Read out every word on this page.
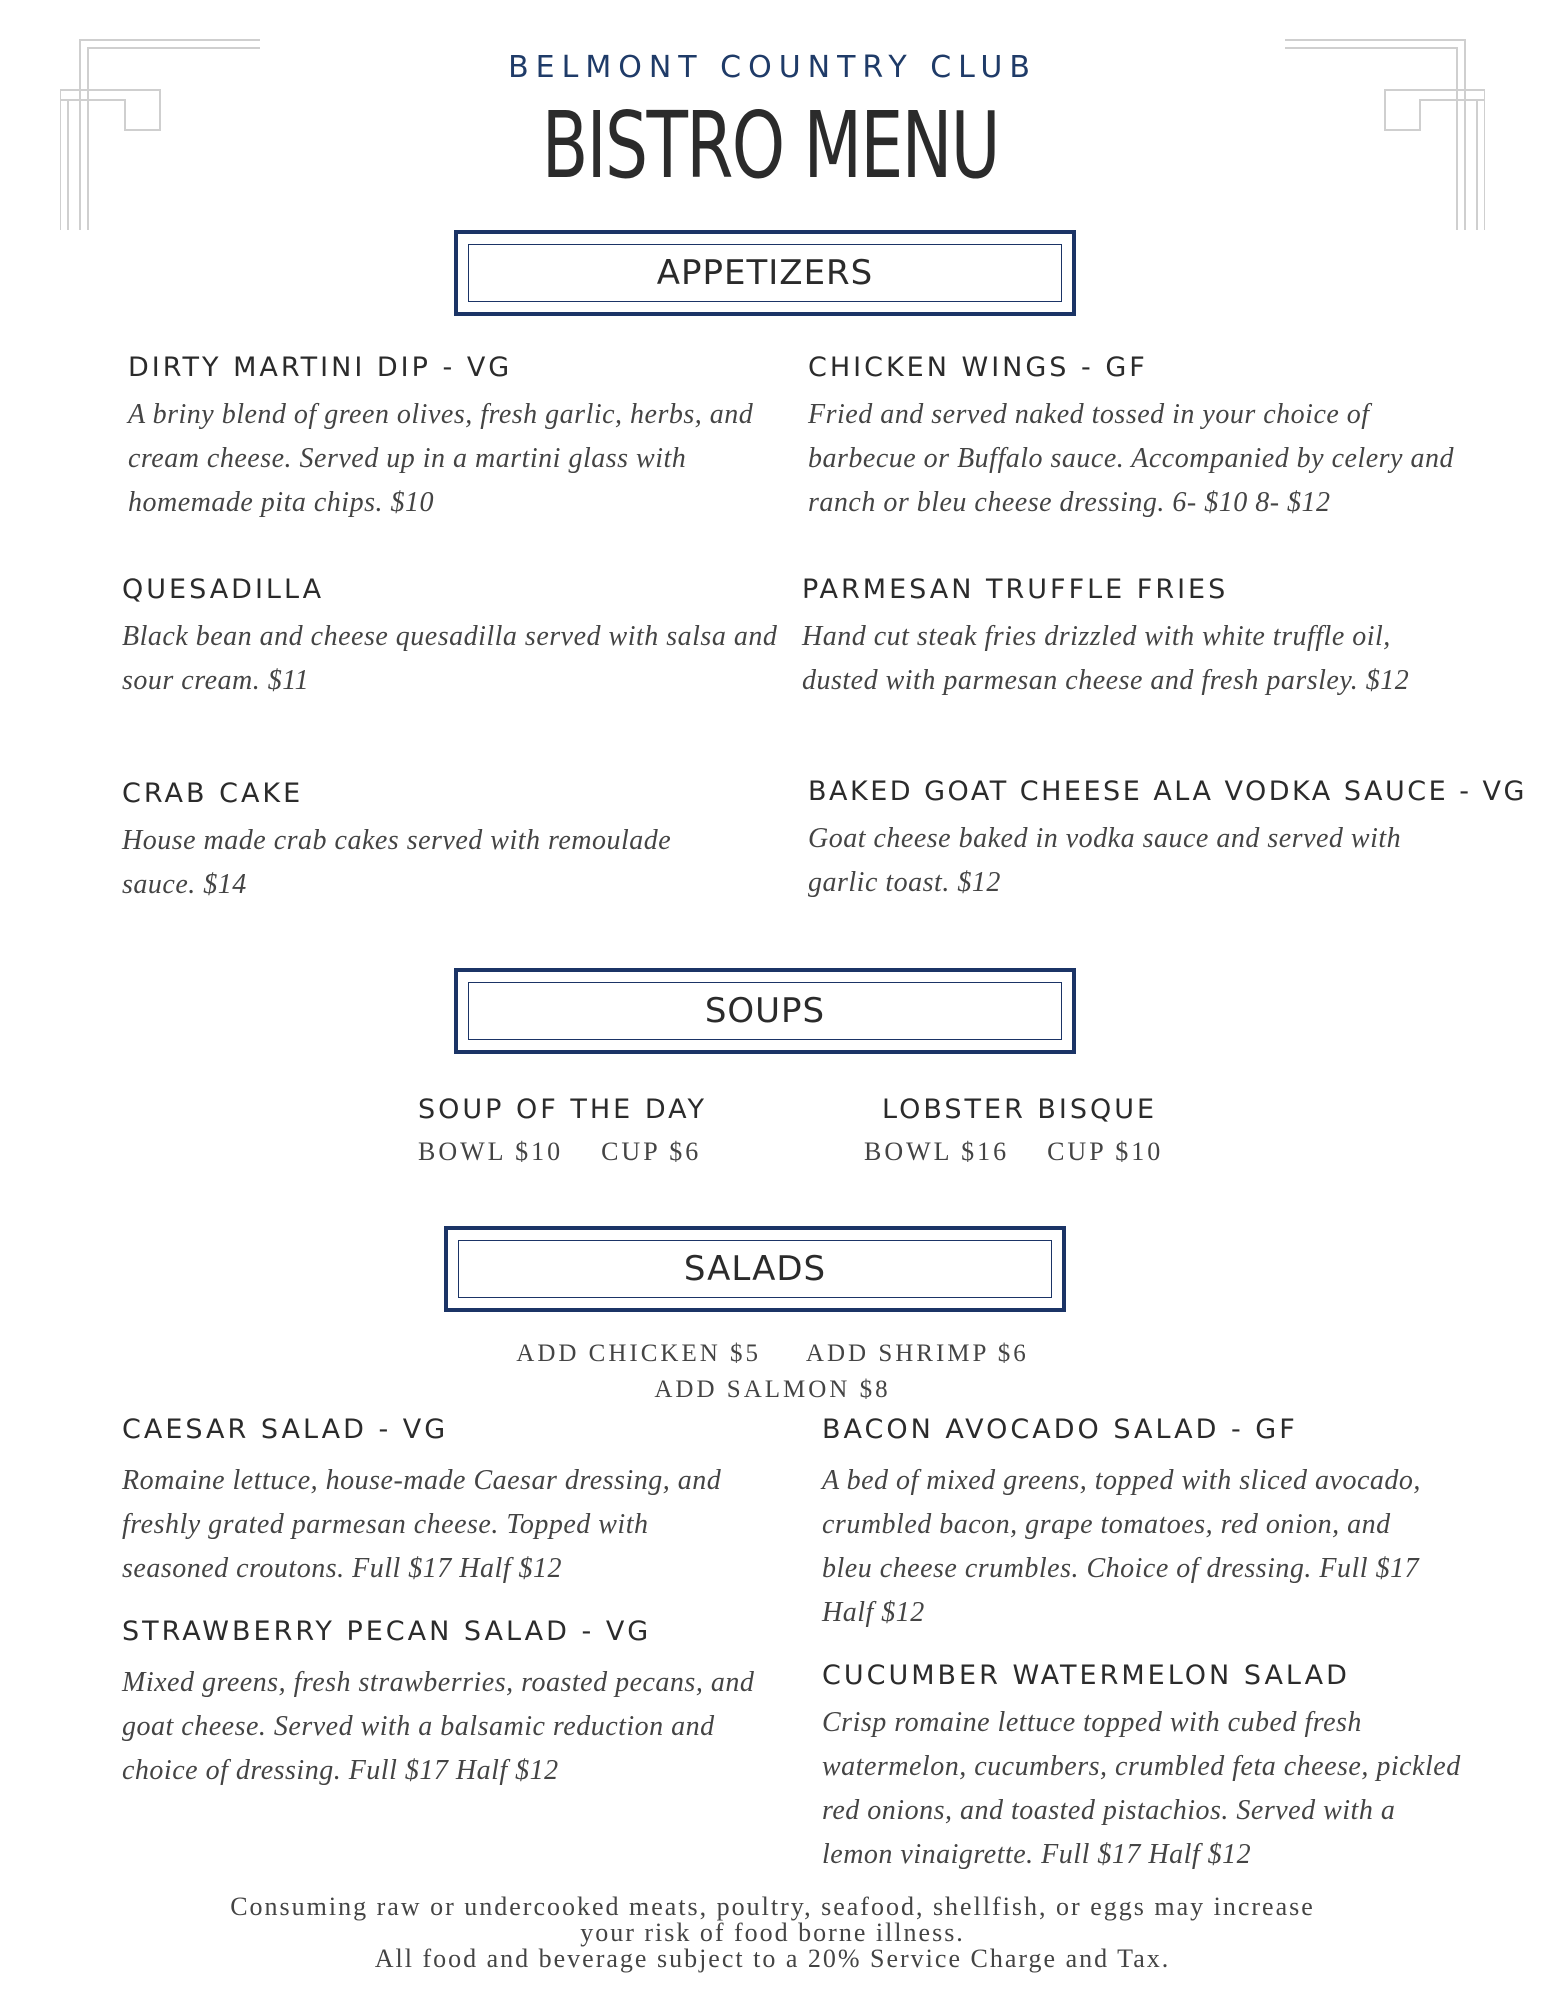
BELMONT COUNTRY CLUB
BISTRO MENU
APPETIZERS
DIRTY MARTINI DIP - VG
A briny blend of green olives, fresh garlic, herbs, and cream cheese. Served up in a martini glass with homemade pita chips. $10
CHICKEN WINGS - GF
Fried and served naked tossed in your choice of barbecue or Buffalo sauce. Accompanied by celery and ranch or bleu cheese dressing. 6- $10 8- $12
QUESADILLA
Black bean and cheese quesadilla served with salsa and sour cream. $11
PARMESAN TRUFFLE FRIES
Hand cut steak fries drizzled with white truffle oil, dusted with parmesan cheese and fresh parsley. $12
CRAB CAKE
House made crab cakes served with remoulade sauce. $14
BAKED GOAT CHEESE ALA VODKA SAUCE - VG
Goat cheese baked in vodka sauce and served with garlic toast. $12
SOUPS
SOUP OF THE DAY
BOWL $10    CUP $6
LOBSTER BISQUE
BOWL $16    CUP $10
SALADS
ADD CHICKEN $5     ADD SHRIMP $6
ADD SALMON $8
CAESAR SALAD - VG
Romaine lettuce, house-made Caesar dressing, and freshly grated parmesan cheese. Topped with seasoned croutons. Full $17 Half $12
BACON AVOCADO SALAD - GF
A bed of mixed greens, topped with sliced avocado, crumbled bacon, grape tomatoes, red onion, and bleu cheese crumbles. Choice of dressing. Full $17 Half $12
STRAWBERRY PECAN SALAD - VG
Mixed greens, fresh strawberries, roasted pecans, and goat cheese. Served with a balsamic reduction and choice of dressing. Full $17 Half $12
CUCUMBER WATERMELON SALAD
Crisp romaine lettuce topped with cubed fresh watermelon, cucumbers, crumbled feta cheese, pickled red onions, and toasted pistachios. Served with a lemon vinaigrette. Full $17 Half $12
Consuming raw or undercooked meats, poultry, seafood, shellfish, or eggs may increase
your risk of food borne illness.
All food and beverage subject to a 20% Service Charge and Tax.
